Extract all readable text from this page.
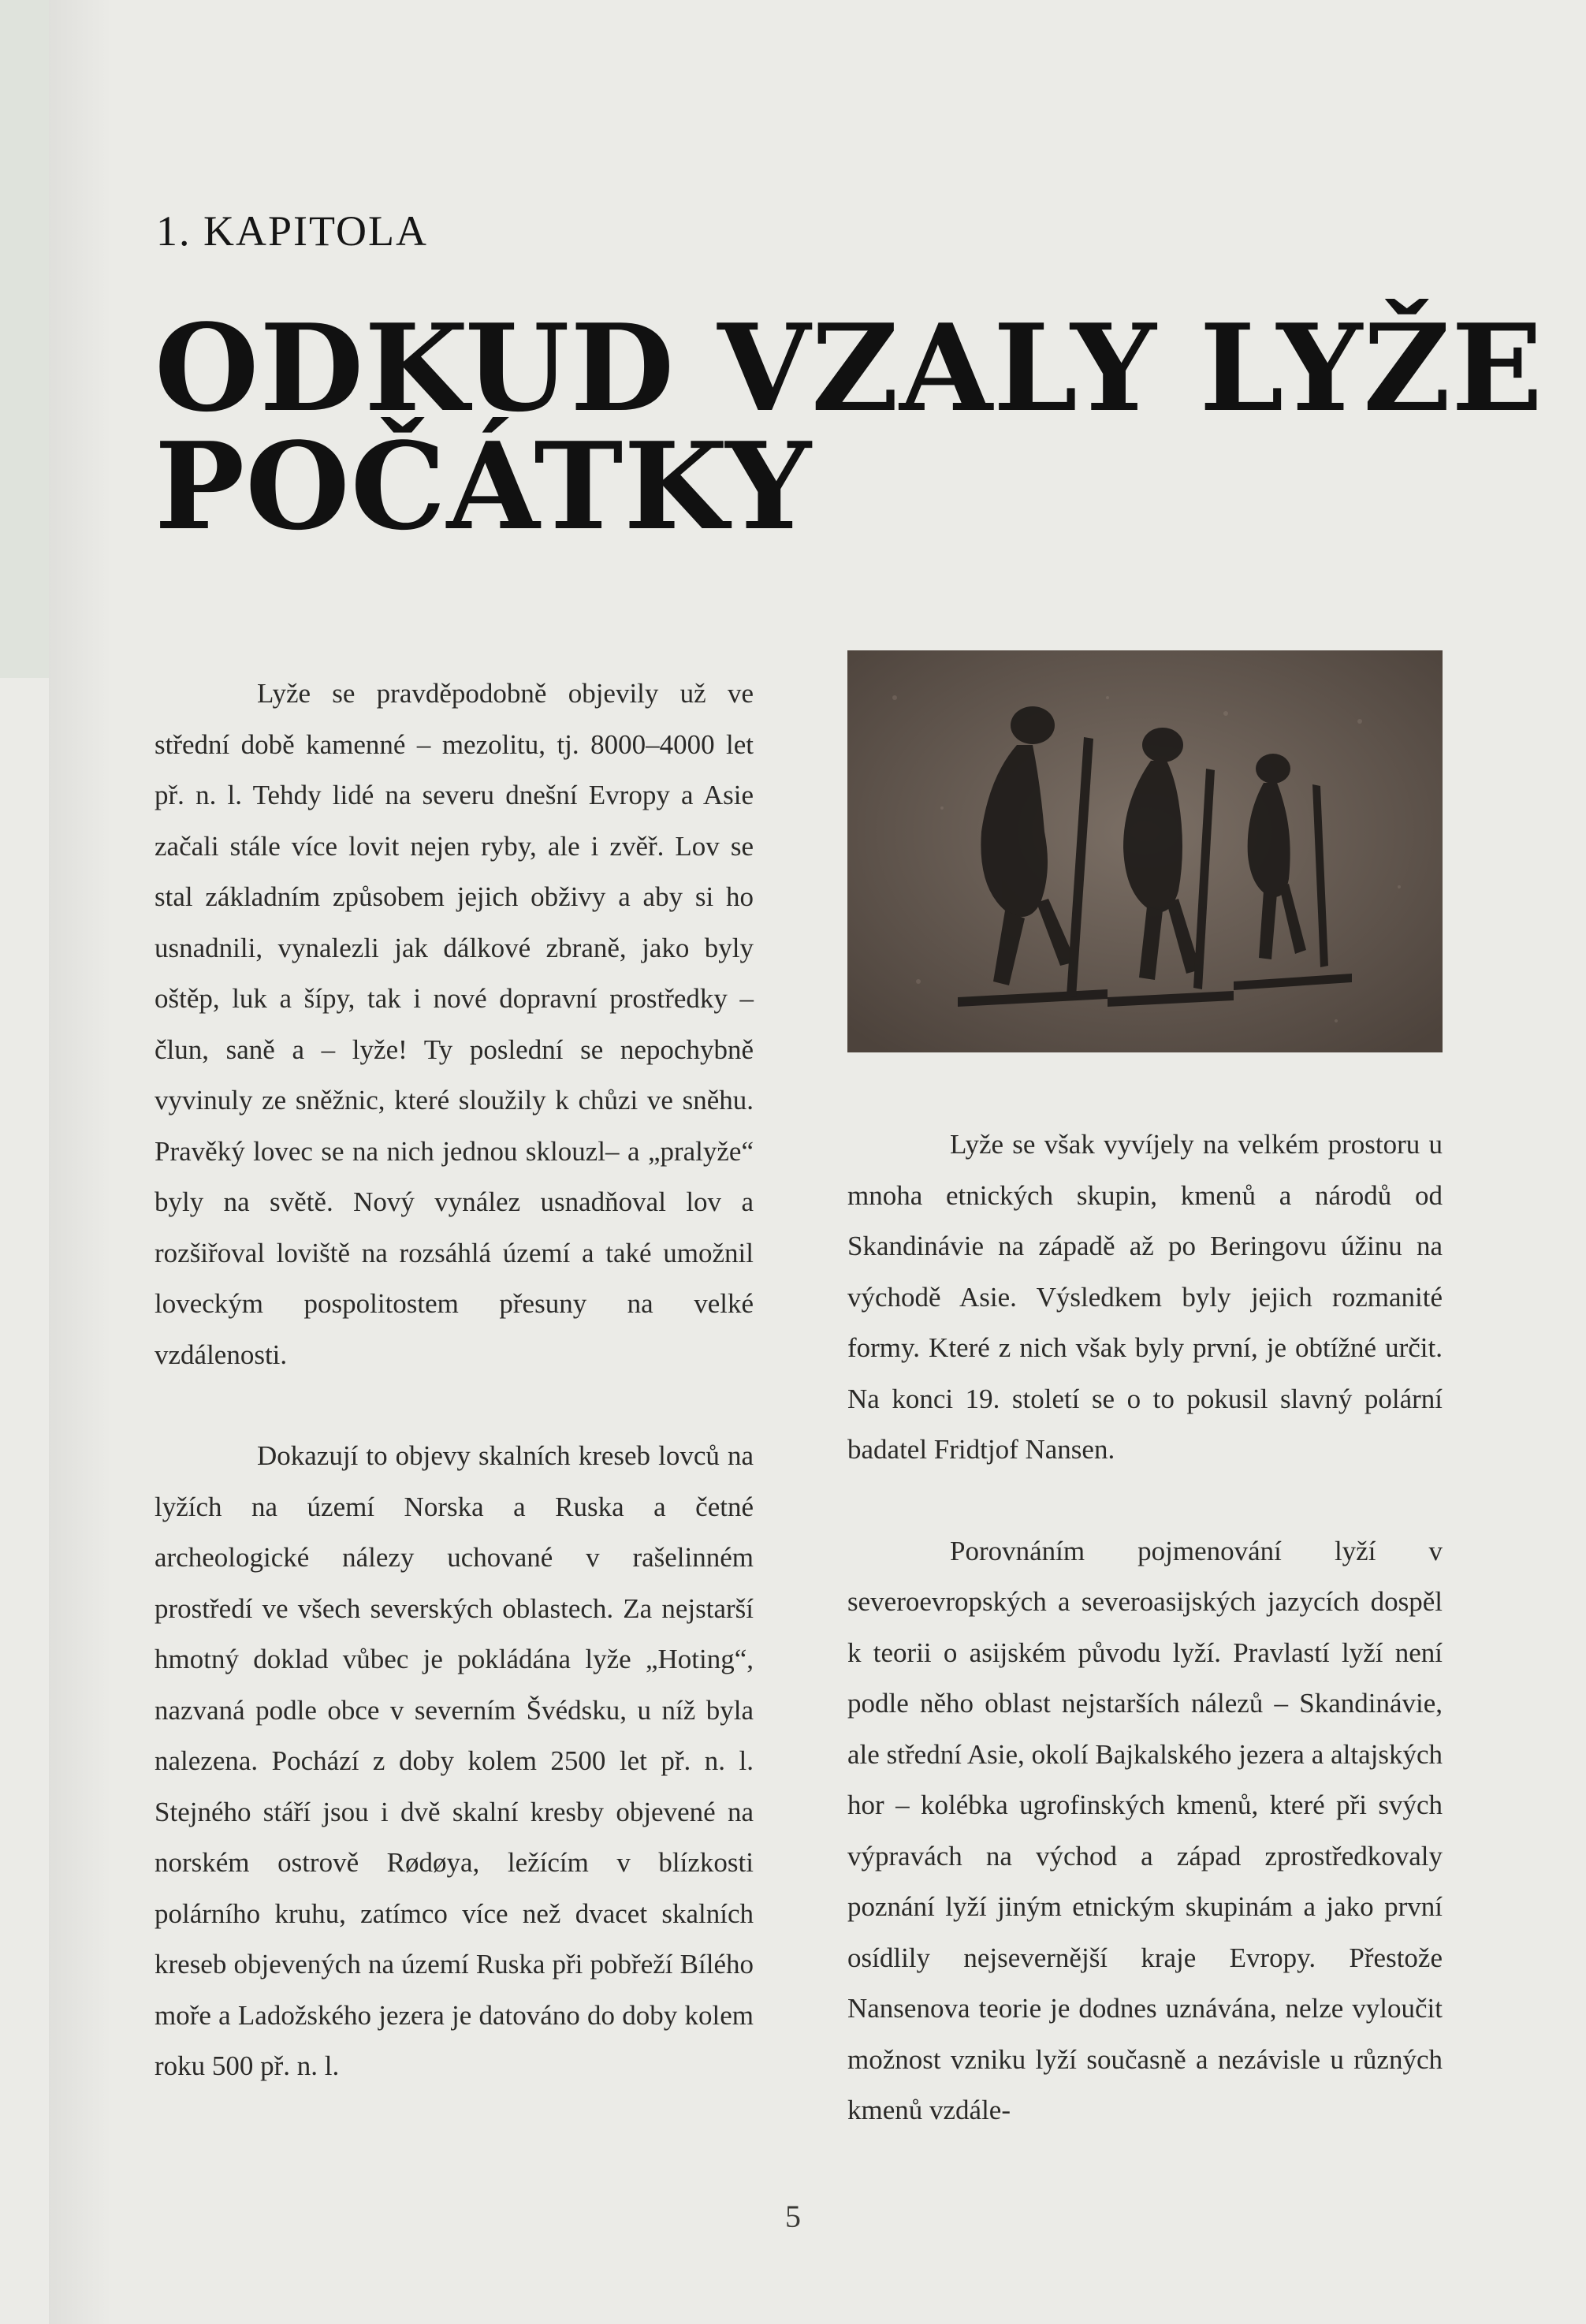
1. KAPITOLA
ODKUD VZALY LYŽE
POČÁTKY

Lyže se pravděpodobně objevily už ve střední době kamenné – mezolitu, tj. 8000–4000 let př. n. l. Tehdy lidé na severu dnešní Evropy a Asie začali stále více lovit nejen ryby, ale i zvěř. Lov se stal základním způsobem jejich obživy a aby si ho usnadnili, vynalezli jak dálkové zbraně, jako byly oštěp, luk a šípy, tak i nové dopravní prostředky – člun, saně a – lyže! Ty poslední se nepochybně vyvinuly ze sněžnic, které sloužily k chůzi ve sněhu. Pravěký lovec se na nich jednou sklouzl– a „pralyže“ byly na světě. Nový vynález usnadňoval lov a rozšiřoval loviště na rozsáhlá území a také umožnil loveckým pospolitostem přesuny na velké vzdálenosti.

Dokazují to objevy skalních kreseb lovců na lyžích na území Norska a Ruska a četné archeologické nálezy uchované v rašelinném prostředí ve všech severských oblastech. Za nejstarší hmotný doklad vůbec je pokládána lyže „Hoting“, nazvaná podle obce v severním Švédsku, u níž byla nalezena. Pochází z doby kolem 2500 let př. n. l. Stejného stáří jsou i dvě skalní kresby objevené na norském ostrově Rødøya, ležícím v blízkosti polárního kruhu, zatímco více než dvacet skalních kreseb objevených na území Ruska při pobřeží Bílého moře a Ladožského jezera je datováno do doby kolem roku 500 př. n. l.

Lyže se však vyvíjely na velkém prostoru u mnoha etnických skupin, kmenů a národů od Skandinávie na západě až po Beringovu úžinu na východě Asie. Výsledkem byly jejich rozmanité formy. Které z nich však byly první, je obtížné určit. Na konci 19. století se o to pokusil slavný polární badatel Fridtjof Nansen.

Porovnáním pojmenování lyží v severoevropských a severoasijských jazycích dospěl k teorii o asijském původu lyží. Pravlastí lyží není podle něho oblast nejstarších nálezů – Skandinávie, ale střední Asie, okolí Bajkalského jezera a altajských hor – kolébka ugrofinských kmenů, které při svých výpravách na východ a západ zprostředkovaly poznání lyží jiným etnickým skupinám a jako první osídlily nejsevernější kraje Evropy. Přestože Nansenova teorie je dodnes uznávána, nelze vyloučit možnost vzniku lyží současně a nezávisle u různých kmenů vzdále-

5
